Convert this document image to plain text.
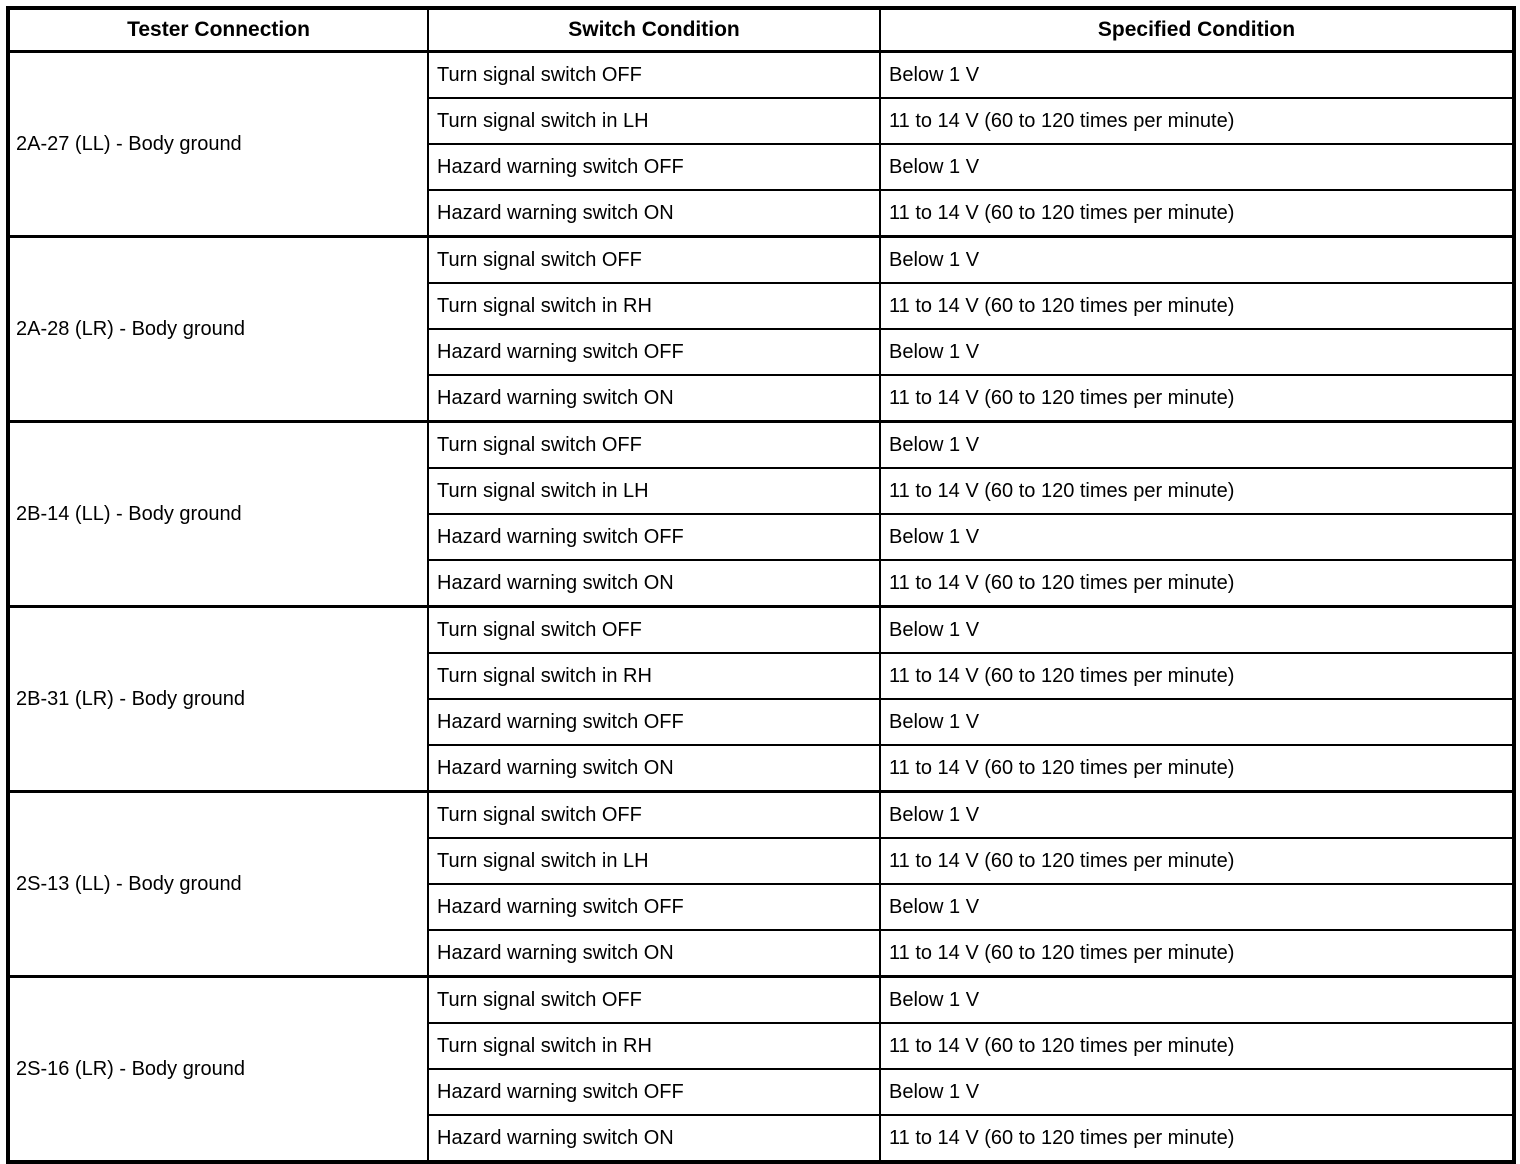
Tester Connection	Switch Condition	Specified Condition
2A-27 (LL) - Body ground	Turn signal switch OFF	Below 1 V
	Turn signal switch in LH	11 to 14 V (60 to 120 times per minute)
	Hazard warning switch OFF	Below 1 V
	Hazard warning switch ON	11 to 14 V (60 to 120 times per minute)
2A-28 (LR) - Body ground	Turn signal switch OFF	Below 1 V
	Turn signal switch in RH	11 to 14 V (60 to 120 times per minute)
	Hazard warning switch OFF	Below 1 V
	Hazard warning switch ON	11 to 14 V (60 to 120 times per minute)
2B-14 (LL) - Body ground	Turn signal switch OFF	Below 1 V
	Turn signal switch in LH	11 to 14 V (60 to 120 times per minute)
	Hazard warning switch OFF	Below 1 V
	Hazard warning switch ON	11 to 14 V (60 to 120 times per minute)
2B-31 (LR) - Body ground	Turn signal switch OFF	Below 1 V
	Turn signal switch in RH	11 to 14 V (60 to 120 times per minute)
	Hazard warning switch OFF	Below 1 V
	Hazard warning switch ON	11 to 14 V (60 to 120 times per minute)
2S-13 (LL) - Body ground	Turn signal switch OFF	Below 1 V
	Turn signal switch in LH	11 to 14 V (60 to 120 times per minute)
	Hazard warning switch OFF	Below 1 V
	Hazard warning switch ON	11 to 14 V (60 to 120 times per minute)
2S-16 (LR) - Body ground	Turn signal switch OFF	Below 1 V
	Turn signal switch in RH	11 to 14 V (60 to 120 times per minute)
	Hazard warning switch OFF	Below 1 V
	Hazard warning switch ON	11 to 14 V (60 to 120 times per minute)
